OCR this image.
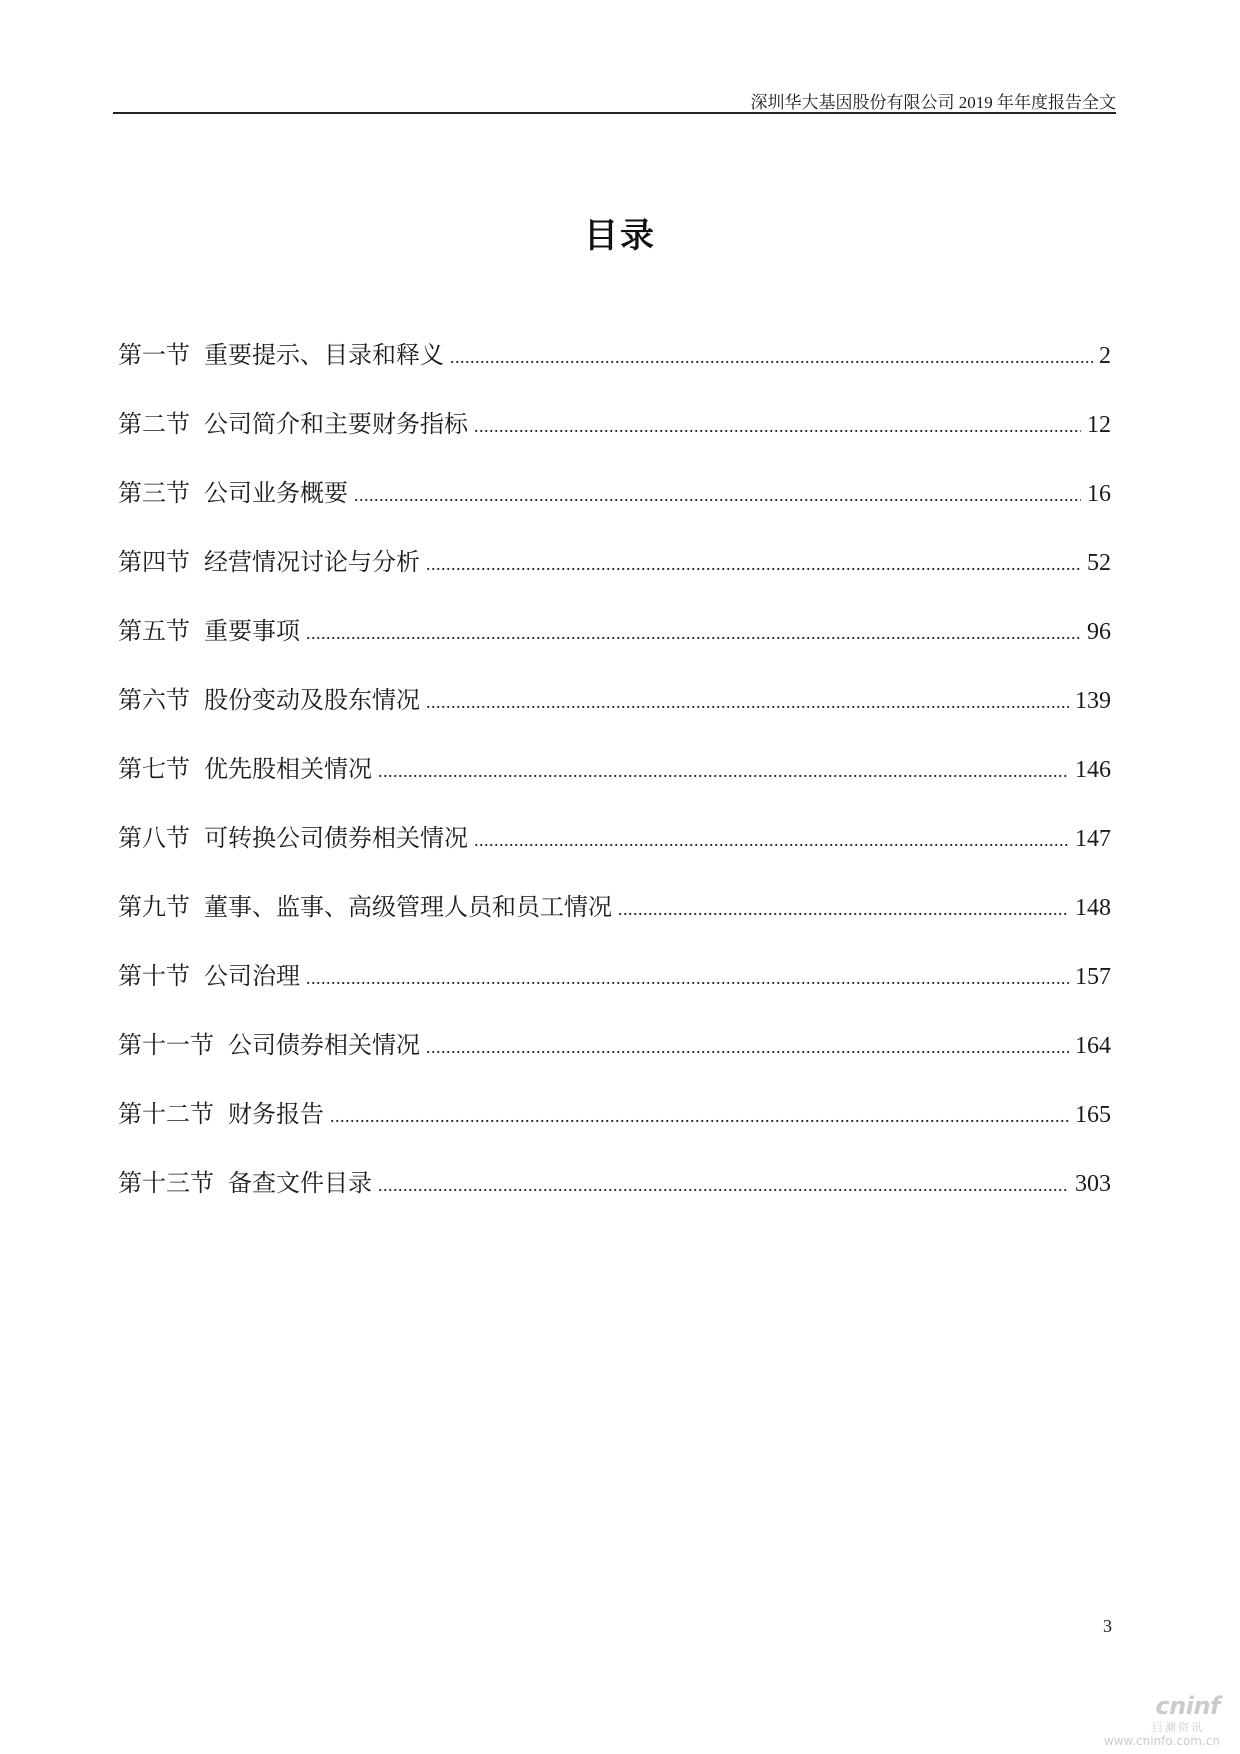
深圳华大基因股份有限公司 2019 年年度报告全文
目录
第一节 重要提示、目录和释义 .....	2
第二节 公司简介和主要财务指标 .....	12
第三节 公司业务概要 .....	16
第四节 经营情况讨论与分析 .....	52
第五节 重要事项 .....	96
第六节 股份变动及股东情况 .....	139
第七节 优先股相关情况 .....	146
第八节 可转换公司债券相关情况 .....	147
第九节 董事、监事、高级管理人员和员工情况 .....	148
第十节 公司治理 .....	157
第十一节 公司债券相关情况 .....	164
第十二节 财务报告 .....	165
第十三节 备查文件目录 .....	303
3
cninf
巨潮资讯
www.cninfo.com.cn
